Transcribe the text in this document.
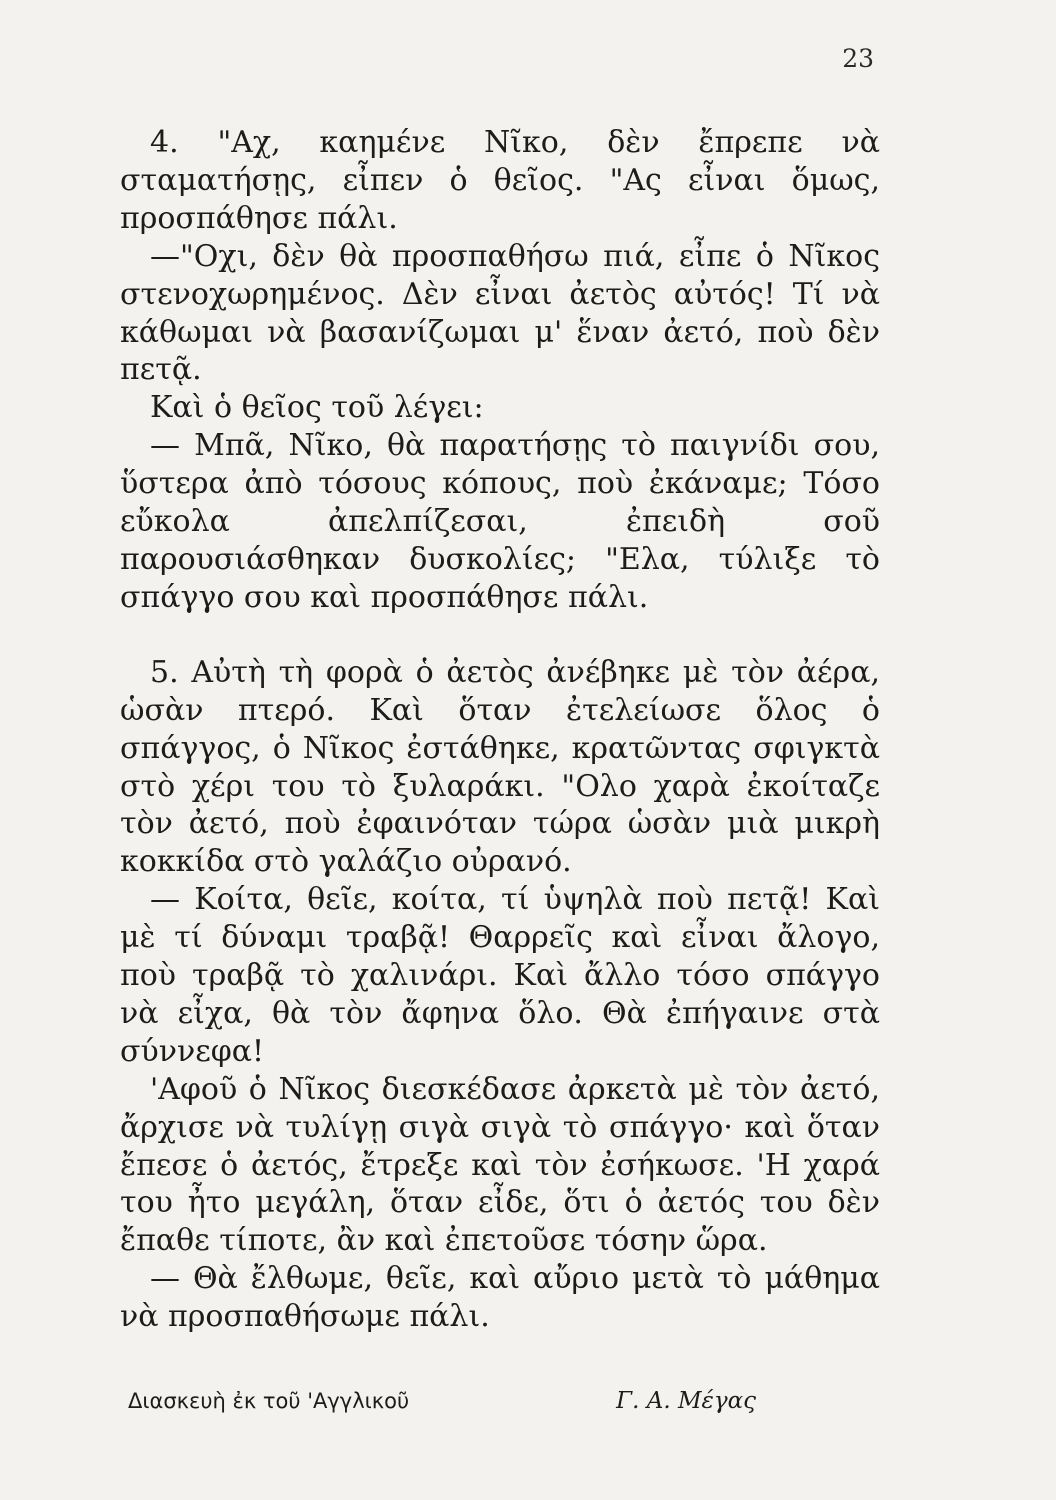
23

4. "Αχ, καημένε Νῖκο, δὲν ἔπρεπε νὰ σταματήσῃς, εἶπεν ὁ θεῖος. "Ας εἶναι ὅμως, προσπάθησε πάλι.

—"Οχι, δὲν θὰ προσπαθήσω πιά, εἶπε ὁ Νῖκος στενοχωρημένος. Δὲν εἶναι ἀετὸς αὐτός! Τί νὰ κάθωμαι νὰ βασανίζωμαι μ' ἕναν ἀετό, ποὺ δὲν πετᾷ.

Καὶ ὁ θεῖος τοῦ λέγει:

— Μπᾶ, Νῖκο, θὰ παρατήσῃς τὸ παιγνίδι σου, ὕστερα ἀπὸ τόσους κόπους, ποὺ ἐκάναμε; Τόσο εὔκολα ἀπελπίζεσαι, ἐπειδὴ σοῦ παρουσιάσθηκαν δυσκολίες; "Ελα, τύλιξε τὸ σπάγγο σου καὶ προσπάθησε πάλι.

5. Αὐτὴ τὴ φορὰ ὁ ἀετὸς ἀνέβηκε μὲ τὸν ἀέρα, ὡσὰν πτερό. Καὶ ὅταν ἐτελείωσε ὅλος ὁ σπάγγος, ὁ Νῖκος ἐστάθηκε, κρατῶντας σφιγκτὰ στὸ χέρι του τὸ ξυλαράκι. "Ολο χαρὰ ἐκοίταζε τὸν ἀετό, ποὺ ἐφαινόταν τώρα ὡσὰν μιὰ μικρὴ κοκκίδα στὸ γαλάζιο οὐρανό.

— Κοίτα, θεῖε, κοίτα, τί ὑψηλὰ ποὺ πετᾷ! Καὶ μὲ τί δύναμι τραβᾷ! Θαρρεῖς καὶ εἶναι ἄλογο, ποὺ τραβᾷ τὸ χαλινάρι. Καὶ ἄλλο τόσο σπάγγο νὰ εἶχα, θὰ τὸν ἄφηνα ὅλο. Θὰ ἐπήγαινε στὰ σύννεφα!

'Αφοῦ ὁ Νῖκος διεσκέδασε ἀρκετὰ μὲ τὸν ἀετό, ἄρχισε νὰ τυλίγῃ σιγὰ σιγὰ τὸ σπάγγο· καὶ ὅταν ἔπεσε ὁ ἀετός, ἔτρεξε καὶ τὸν ἐσήκωσε. 'Η χαρά του ἦτο μεγάλη, ὅταν εἶδε, ὅτι ὁ ἀετός του δὲν ἔπαθε τίποτε, ἂν καὶ ἐπετοῦσε τόσην ὥρα.

— Θὰ ἔλθωμε, θεῖε, καὶ αὔριο μετὰ τὸ μάθημα νὰ προσπαθήσωμε πάλι.

Διασκευὴ ἐκ τοῦ 'Αγγλικοῦ	Γ. Α. Μέγας
